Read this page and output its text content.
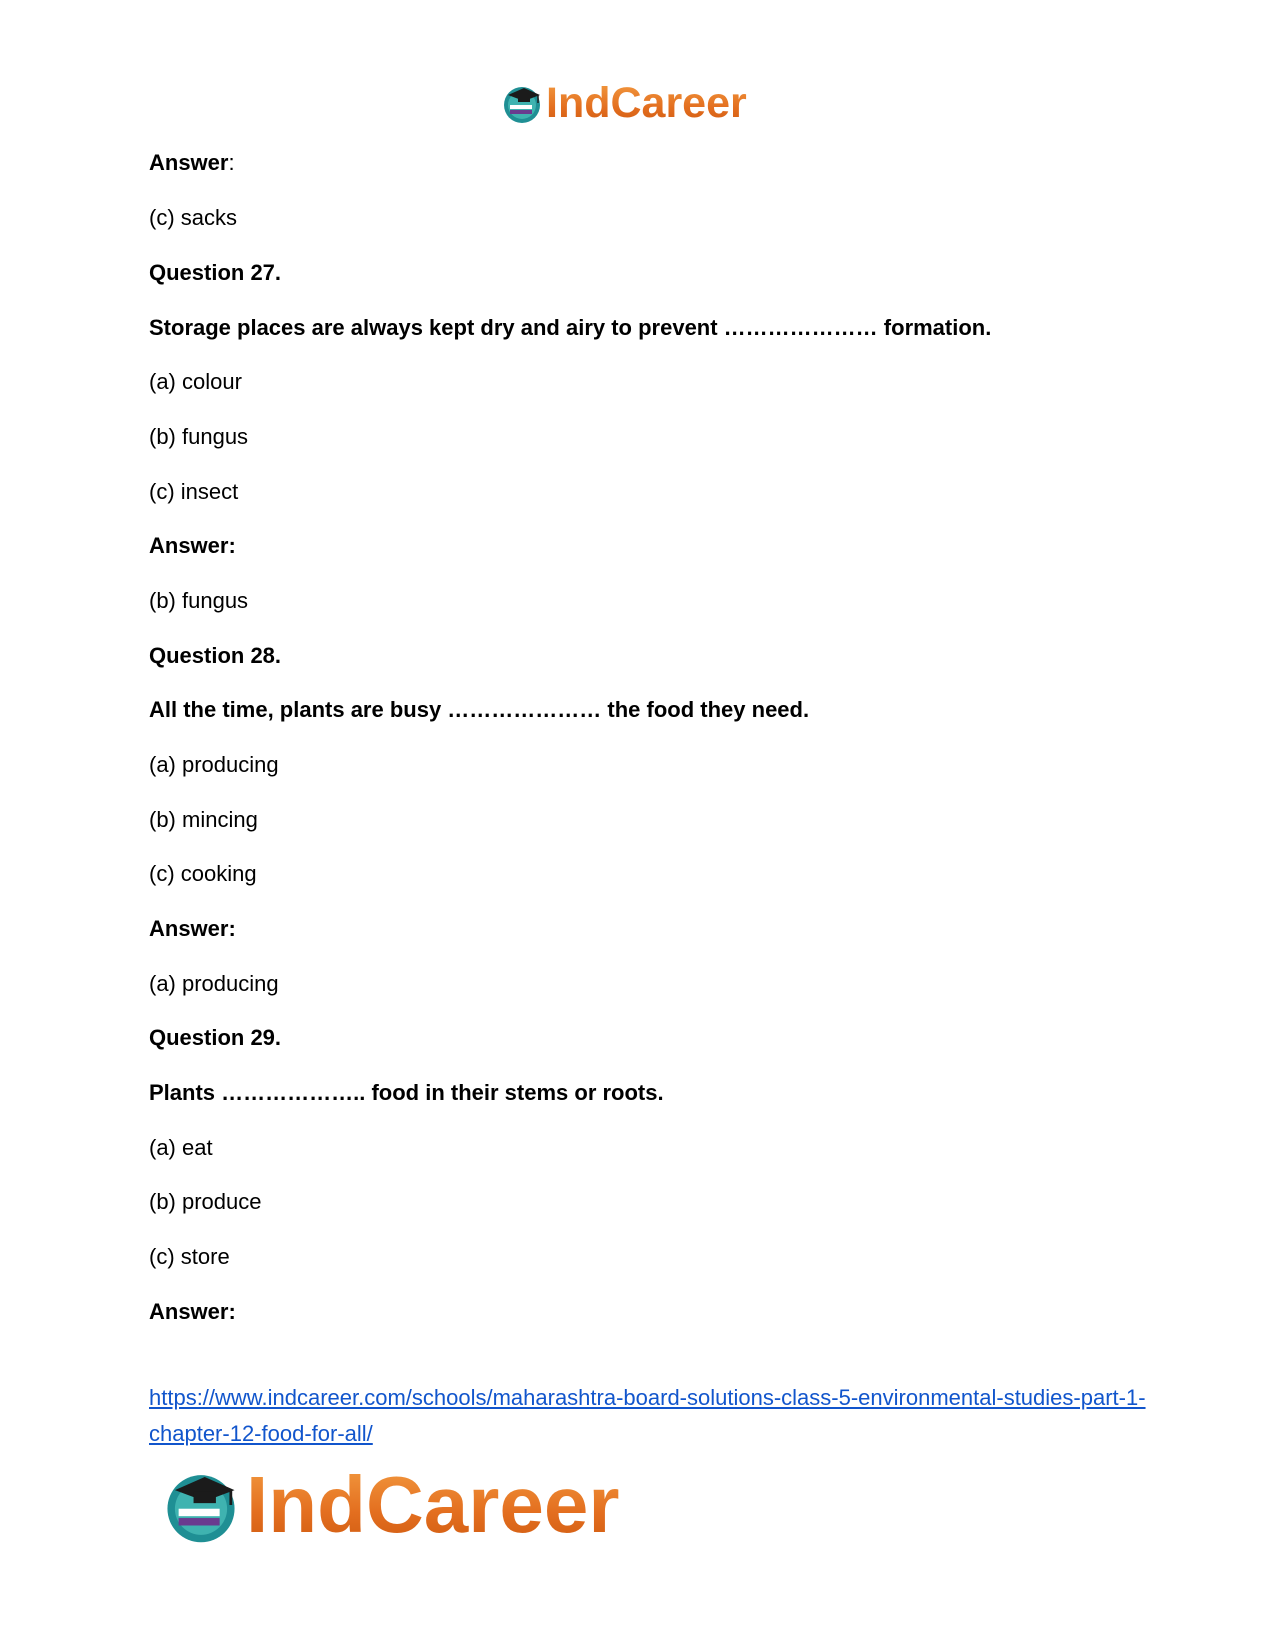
IndCareer
Answer:
(c) sacks
Question 27.
Storage places are always kept dry and airy to prevent ………………… formation.
(a) colour
(b) fungus
(c) insect
Answer:
(b) fungus
Question 28.
All the time, plants are busy ………………… the food they need.
(a) producing
(b) mincing
(c) cooking
Answer:
(a) producing
Question 29.
Plants ……………….. food in their stems or roots.
(a) eat
(b) produce
(c) store
Answer:
https://www.indcareer.com/schools/maharashtra-board-solutions-class-5-environmental-studies-part-1-chapter-12-food-for-all/
IndCareer
